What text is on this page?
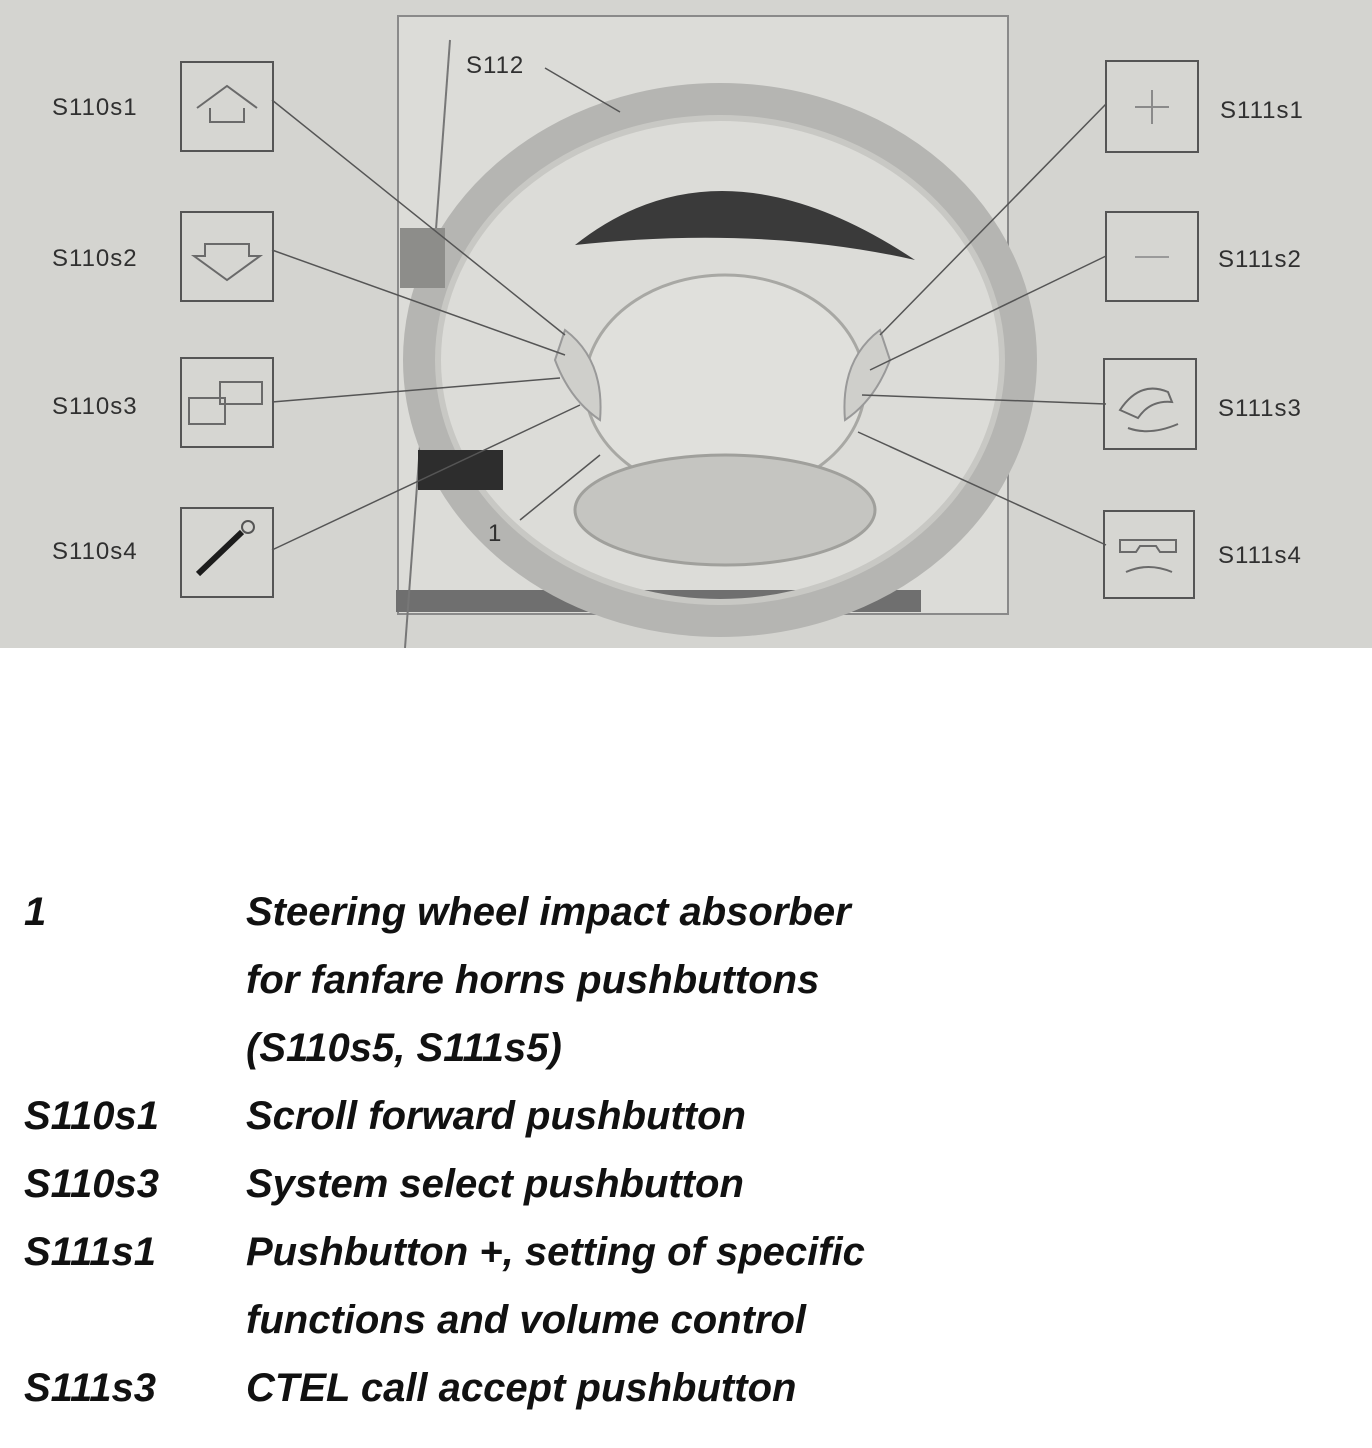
S110s1
S110s2
S110s3
S110s4
S111s1
S111s2
S111s3
S111s4
S112
1
1	Steering wheel impact absorber
for fanfare horns pushbuttons
(S110s5, S111s5)
S110s1	Scroll forward pushbutton
S110s3	System select pushbutton
S111s1	Pushbutton +, setting of specific
functions and volume control
S111s3	CTEL call accept pushbutton
